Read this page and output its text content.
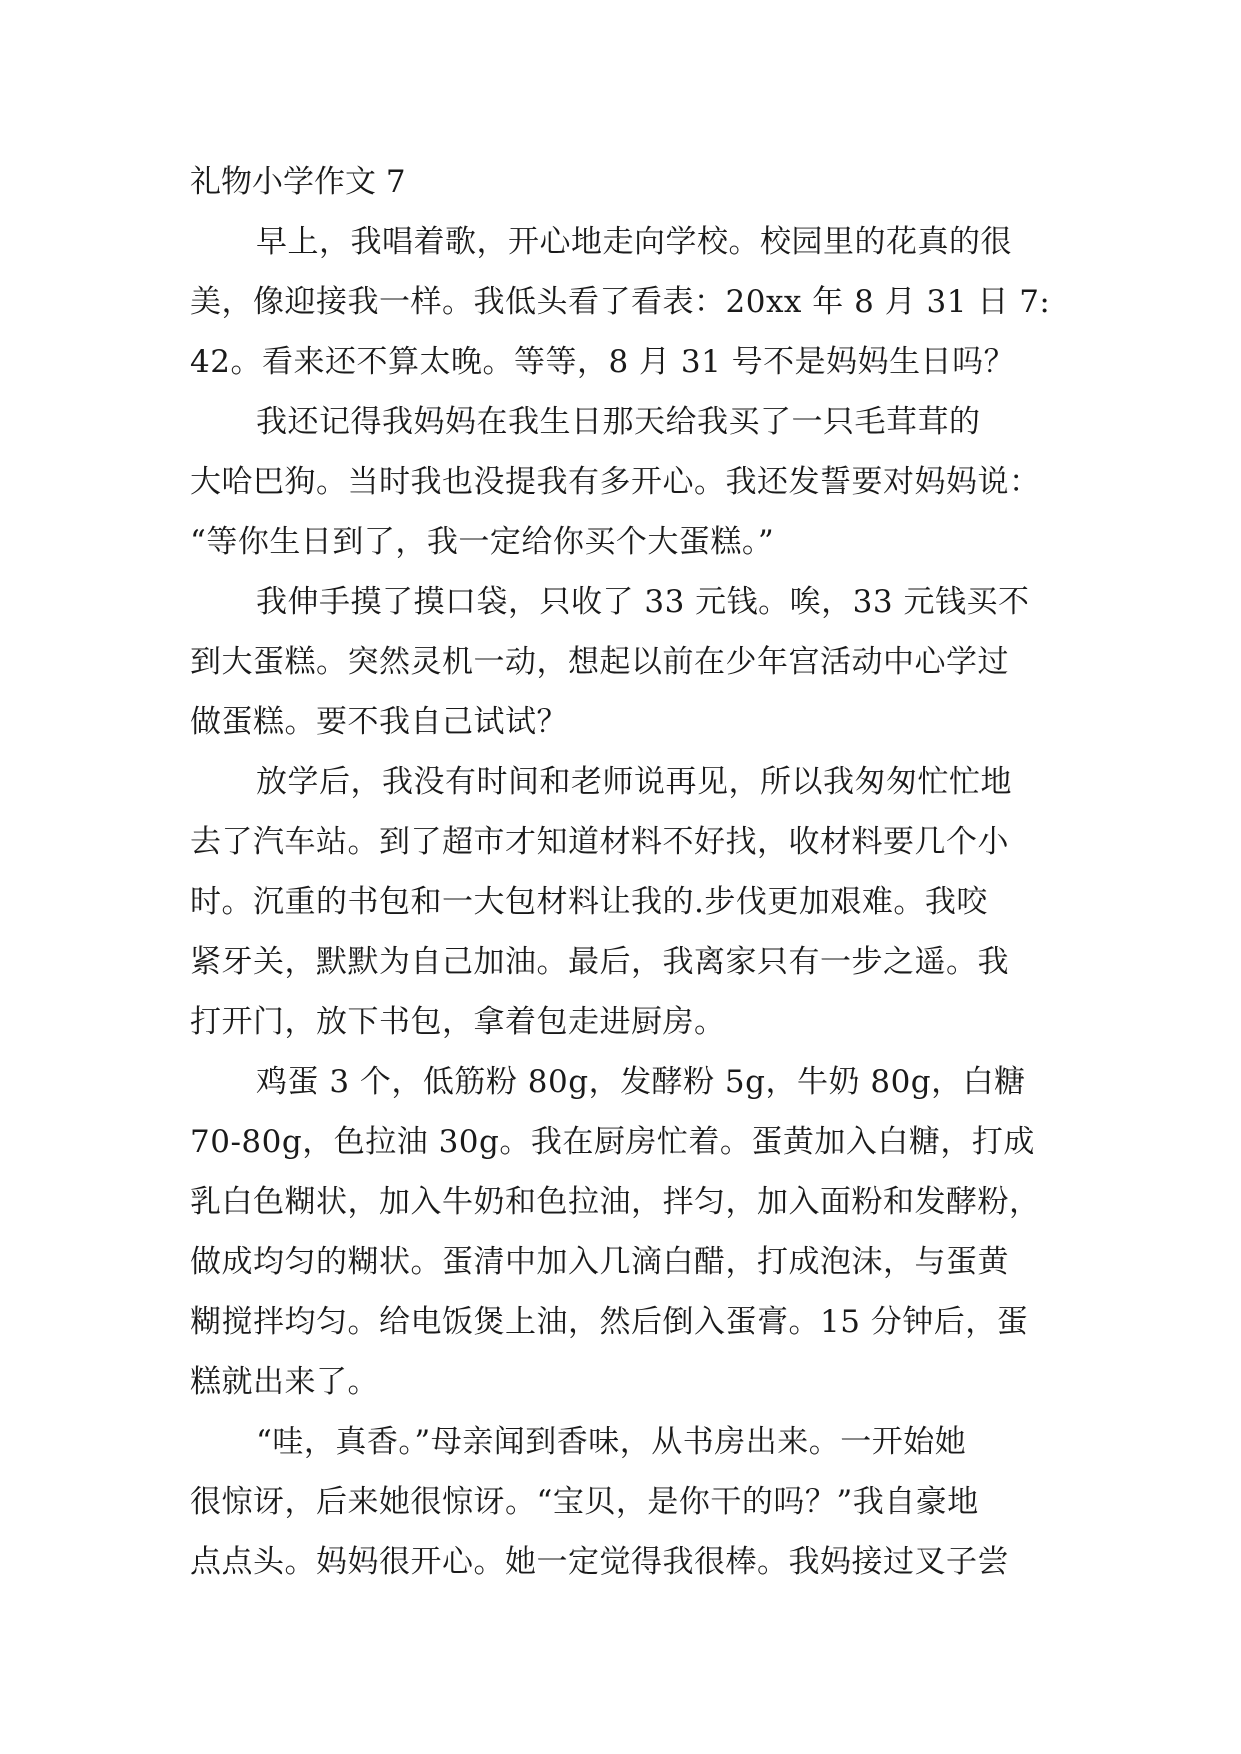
礼物小学作文 7
早上，我唱着歌，开心地走向学校。校园里的花真的很
美，像迎接我一样。我低头看了看表：20xx 年 8 月 31 日 7:
42。看来还不算太晚。等等，8 月 31 号不是妈妈生日吗？
我还记得我妈妈在我生日那天给我买了一只毛茸茸的
大哈巴狗。当时我也没提我有多开心。我还发誓要对妈妈说：
“等你生日到了，我一定给你买个大蛋糕。”
我伸手摸了摸口袋，只收了 33 元钱。唉，33 元钱买不
到大蛋糕。突然灵机一动，想起以前在少年宫活动中心学过
做蛋糕。要不我自己试试？
放学后，我没有时间和老师说再见，所以我匆匆忙忙地
去了汽车站。到了超市才知道材料不好找，收材料要几个小
时。沉重的书包和一大包材料让我的.步伐更加艰难。我咬
紧牙关，默默为自己加油。最后，我离家只有一步之遥。我
打开门，放下书包，拿着包走进厨房。
鸡蛋 3 个，低筋粉 80g，发酵粉 5g，牛奶 80g，白糖
70-80g，色拉油 30g。我在厨房忙着。蛋黄加入白糖，打成
乳白色糊状，加入牛奶和色拉油，拌匀，加入面粉和发酵粉，
做成均匀的糊状。蛋清中加入几滴白醋，打成泡沫，与蛋黄
糊搅拌均匀。给电饭煲上油，然后倒入蛋膏。15 分钟后，蛋
糕就出来了。
“哇，真香。”母亲闻到香味，从书房出来。一开始她
很惊讶，后来她很惊讶。“宝贝，是你干的吗？”我自豪地
点点头。妈妈很开心。她一定觉得我很棒。我妈接过叉子尝
